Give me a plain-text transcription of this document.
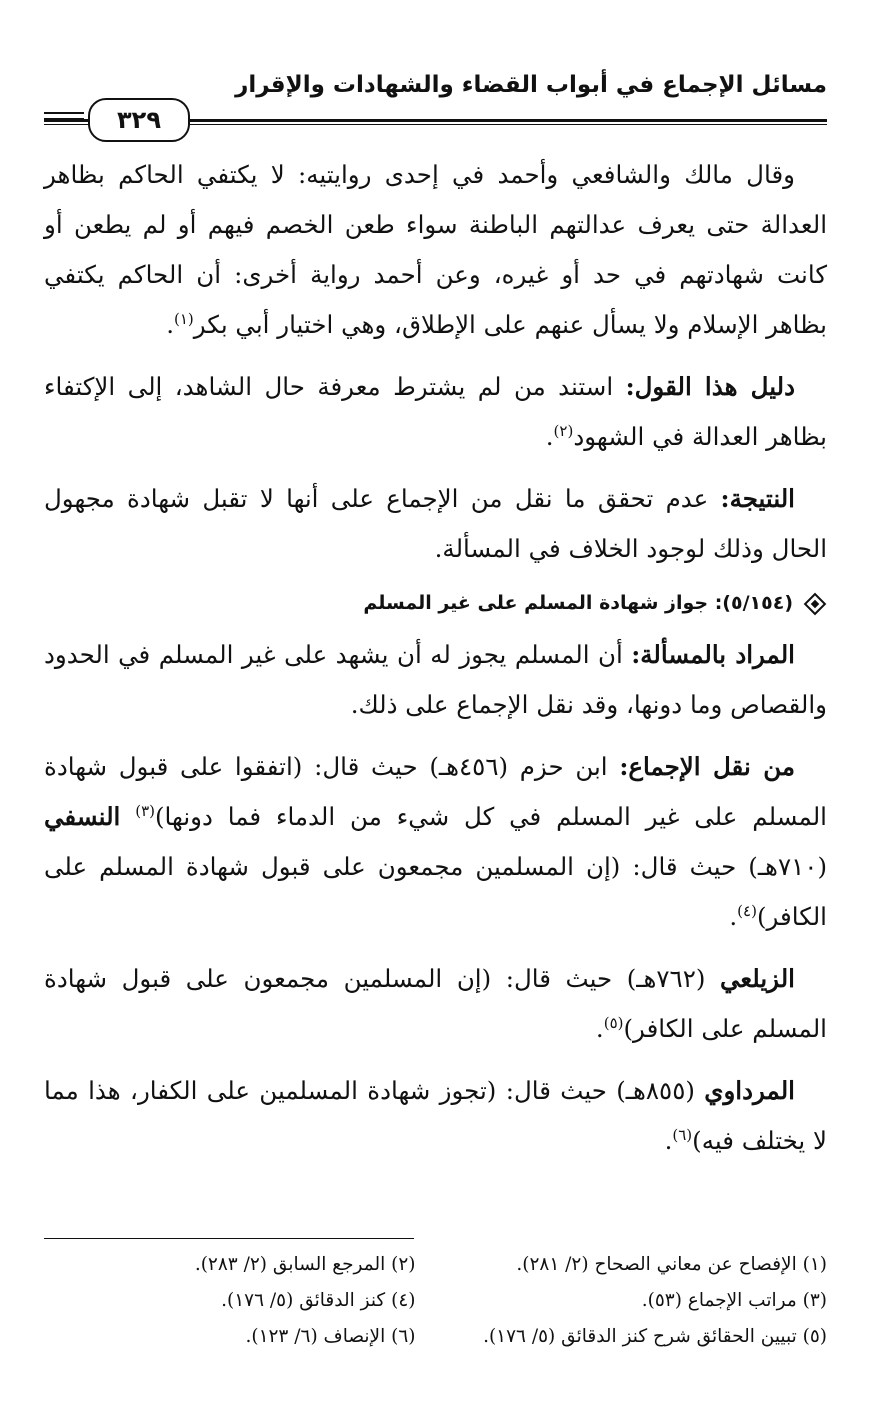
مسائل الإجماع في أبواب القضاء والشهادات والإقرار
٣٢٩

وقال مالك والشافعي وأحمد في إحدى روايتيه: لا يكتفي الحاكم بظاهر العدالة حتى يعرف عدالتهم الباطنة سواء طعن الخصم فيهم أو لم يطعن أو كانت شهادتهم في حد أو غيره، وعن أحمد رواية أخرى: أن الحاكم يكتفي بظاهر الإسلام ولا يسأل عنهم على الإطلاق، وهي اختيار أبي بكر$^{(١)}$.

دليل هذا القول: استند من لم يشترط معرفة حال الشاهد، إلى الإكتفاء بظاهر العدالة في الشهود$^{(٢)}$.

النتيجة: عدم تحقق ما نقل من الإجماع على أنها لا تقبل شهادة مجهول الحال وذلك لوجود الخلاف في المسألة.

(٥/١٥٤): جواز شهادة المسلم على غير المسلم

المراد بالمسألة: أن المسلم يجوز له أن يشهد على غير المسلم في الحدود والقصاص وما دونها، وقد نقل الإجماع على ذلك.

من نقل الإجماع: ابن حزم (٤٥٦هـ) حيث قال: (اتفقوا على قبول شهادة المسلم على غير المسلم في كل شيء من الدماء فما دونها)$^{(٣)}$ النسفي (٧١٠هـ) حيث قال: (إن المسلمين مجمعون على قبول شهادة المسلم على الكافر)$^{(٤)}$.

الزيلعي (٧٦٢هـ) حيث قال: (إن المسلمين مجمعون على قبول شهادة المسلم على الكافر)$^{(٥)}$.

المرداوي (٨٥٥هـ) حيث قال: (تجوز شهادة المسلمين على الكفار، هذا مما لا يختلف فيه)$^{(٦)}$.

(١) الإفصاح عن معاني الصحاح (٢/ ٢٨١).
(٢) المرجع السابق (٢/ ٢٨٣).
(٣) مراتب الإجماع (٥٣).
(٤) كنز الدقائق (٥/ ١٧٦).
(٥) تبيين الحقائق شرح كنز الدقائق (٥/ ١٧٦).
(٦) الإنصاف (٦/ ١٢٣).
